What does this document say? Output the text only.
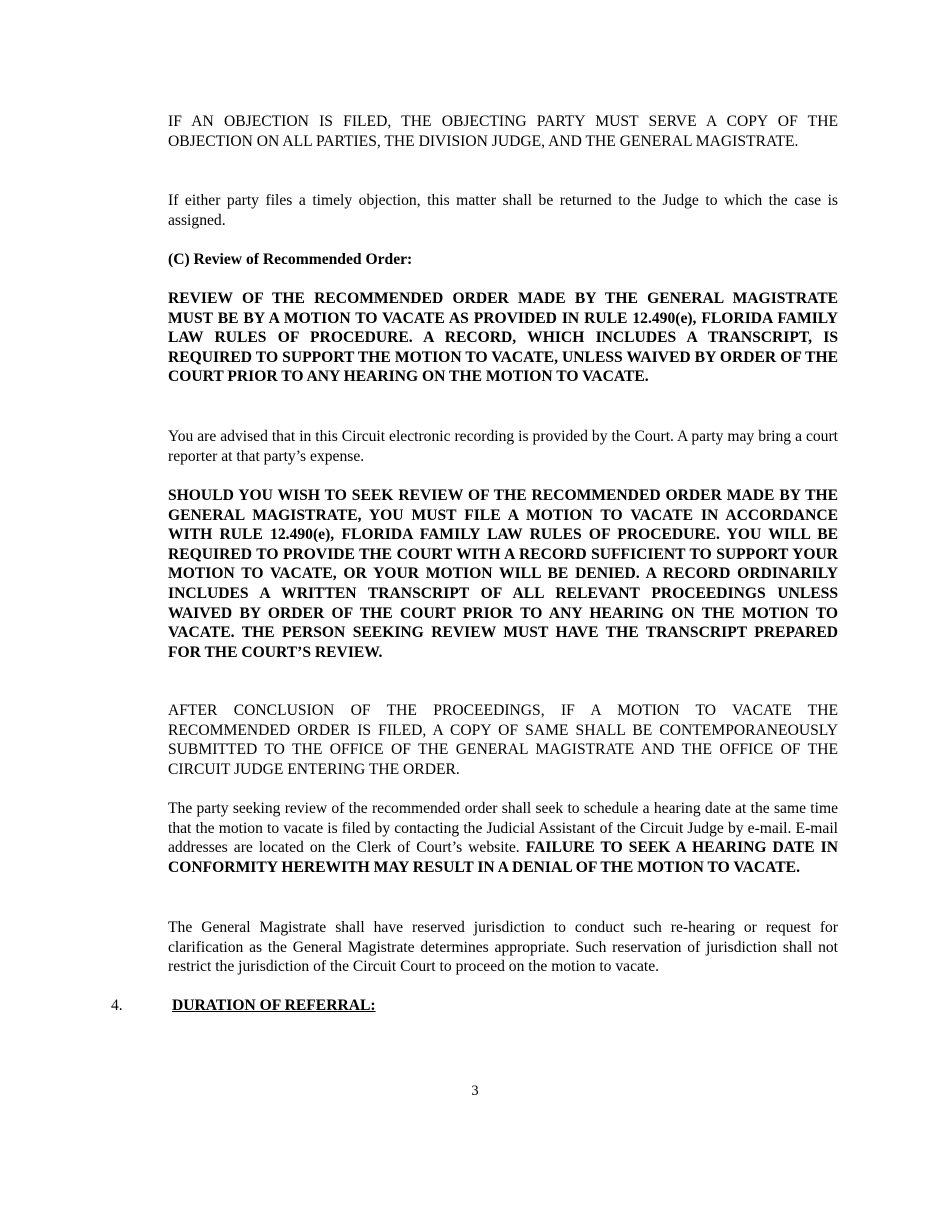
IF AN OBJECTION IS FILED, THE OBJECTING PARTY MUST SERVE A COPY OF THE OBJECTION ON ALL PARTIES, THE DIVISION JUDGE, AND THE GENERAL MAGISTRATE.

If either party files a timely objection, this matter shall be returned to the Judge to which the case is assigned.

(C) Review of Recommended Order:

REVIEW OF THE RECOMMENDED ORDER MADE BY THE GENERAL MAGISTRATE MUST BE BY A MOTION TO VACATE AS PROVIDED IN RULE 12.490(e), FLORIDA FAMILY LAW RULES OF PROCEDURE. A RECORD, WHICH INCLUDES A TRANSCRIPT, IS REQUIRED TO SUPPORT THE MOTION TO VACATE, UNLESS WAIVED BY ORDER OF THE COURT PRIOR TO ANY HEARING ON THE MOTION TO VACATE.

You are advised that in this Circuit electronic recording is provided by the Court. A party may bring a court reporter at that party’s expense.

SHOULD YOU WISH TO SEEK REVIEW OF THE RECOMMENDED ORDER MADE BY THE GENERAL MAGISTRATE, YOU MUST FILE A MOTION TO VACATE IN ACCORDANCE WITH RULE 12.490(e), FLORIDA FAMILY LAW RULES OF PROCEDURE. YOU WILL BE REQUIRED TO PROVIDE THE COURT WITH A RECORD SUFFICIENT TO SUPPORT YOUR MOTION TO VACATE, OR YOUR MOTION WILL BE DENIED. A RECORD ORDINARILY INCLUDES A WRITTEN TRANSCRIPT OF ALL RELEVANT PROCEEDINGS UNLESS WAIVED BY ORDER OF THE COURT PRIOR TO ANY HEARING ON THE MOTION TO VACATE. THE PERSON SEEKING REVIEW MUST HAVE THE TRANSCRIPT PREPARED FOR THE COURT’S REVIEW.

AFTER CONCLUSION OF THE PROCEEDINGS, IF A MOTION TO VACATE THE RECOMMENDED ORDER IS FILED, A COPY OF SAME SHALL BE CONTEMPORANEOUSLY SUBMITTED TO THE OFFICE OF THE GENERAL MAGISTRATE AND THE OFFICE OF THE CIRCUIT JUDGE ENTERING THE ORDER.

The party seeking review of the recommended order shall seek to schedule a hearing date at the same time that the motion to vacate is filed by contacting the Judicial Assistant of the Circuit Judge by e-mail. E-mail addresses are located on the Clerk of Court’s website. FAILURE TO SEEK A HEARING DATE IN CONFORMITY HEREWITH MAY RESULT IN A DENIAL OF THE MOTION TO VACATE.

The General Magistrate shall have reserved jurisdiction to conduct such re-hearing or request for clarification as the General Magistrate determines appropriate. Such reservation of jurisdiction shall not restrict the jurisdiction of the Circuit Court to proceed on the motion to vacate.

4.	DURATION OF REFERRAL:
3
